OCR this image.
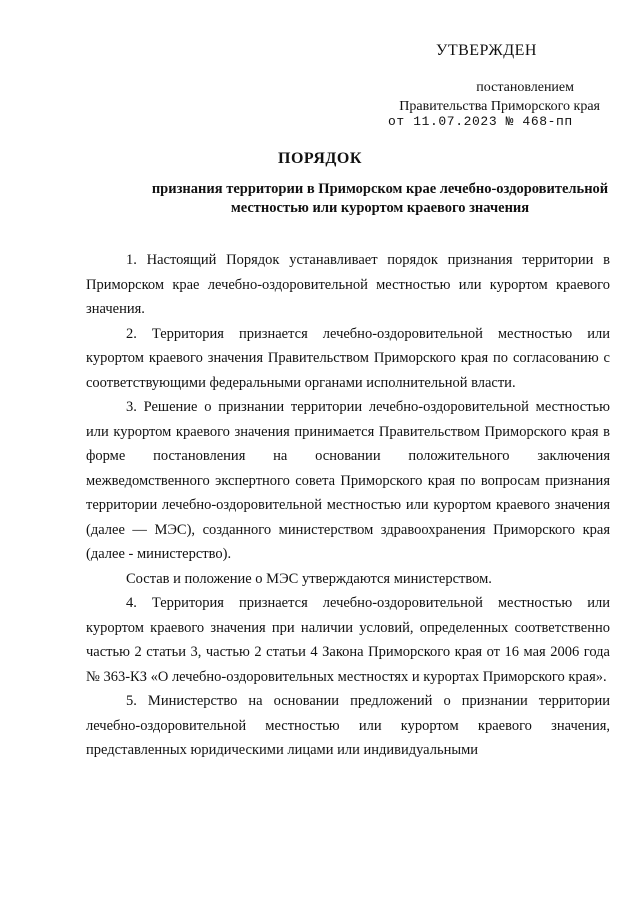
УТВЕРЖДЕН
постановлением
Правительства Приморского края
от 11.07.2023 № 468-пп
ПОРЯДОК
признания территории в Приморском крае лечебно-оздоровительной местностью или курортом краевого значения

1. Настоящий Порядок устанавливает порядок признания территории в Приморском крае лечебно-оздоровительной местностью или курортом краевого значения.

2. Территория признается лечебно-оздоровительной местностью или курортом краевого значения Правительством Приморского края по согласованию с соответствующими федеральными органами исполнительной власти.

3. Решение о признании территории лечебно-оздоровительной местностью или курортом краевого значения принимается Правительством Приморского края в форме постановления на основании положительного заключения межведомственного экспертного совета Приморского края по вопросам признания территории лечебно-оздоровительной местностью или курортом краевого значения (далее — МЭС), созданного министерством здравоохранения Приморского края (далее - министерство).

Состав и положение о МЭС утверждаются министерством.

4. Территория признается лечебно-оздоровительной местностью или курортом краевого значения при наличии условий, определенных соответственно частью 2 статьи 3, частью 2 статьи 4 Закона Приморского края от 16 мая 2006 года № 363-КЗ «О лечебно-оздоровительных местностях и курортах Приморского края».

5. Министерство на основании предложений о признании территории лечебно-оздоровительной местностью или курортом краевого значения, представленных юридическими лицами или индивидуальными
